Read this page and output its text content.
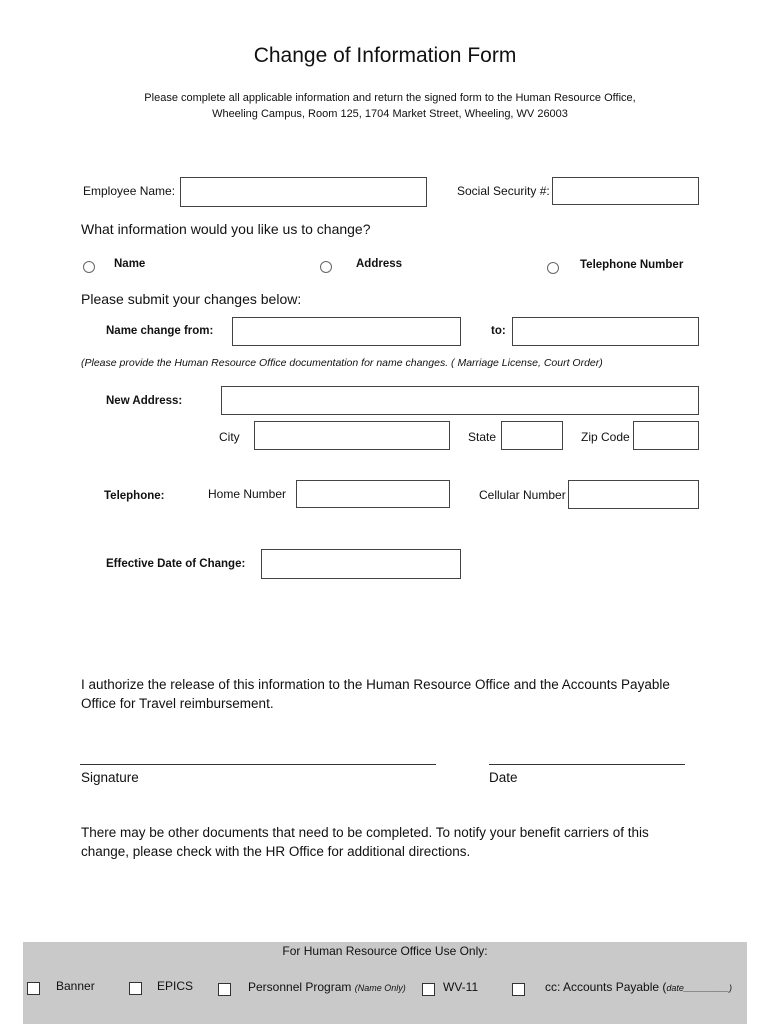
Change of Information Form
Please complete all applicable information and return the signed form to the Human Resource Office,
Wheeling Campus, Room 125, 1704 Market Street, Wheeling, WV 26003
Employee Name:	Social Security #:
What information would you like us to change?
Name	Address	Telephone Number
Please submit your changes below:
Name change from:	to:
(Please provide the Human Resource Office documentation for name changes. ( Marriage License, Court Order)
New Address:
City	State	Zip Code
Telephone:	Home Number	Cellular Number
Effective Date of Change:
I authorize the release of this information to the Human Resource Office and the Accounts Payable
Office for Travel reimbursement.
Signature	Date
There may be other documents that need to be completed. To notify your benefit carriers of this
change, please check with the HR Office for additional directions.
For Human Resource Office Use Only:
Banner	EPICS	Personnel Program (Name Only)	WV-11	cc: Accounts Payable (date_________)
